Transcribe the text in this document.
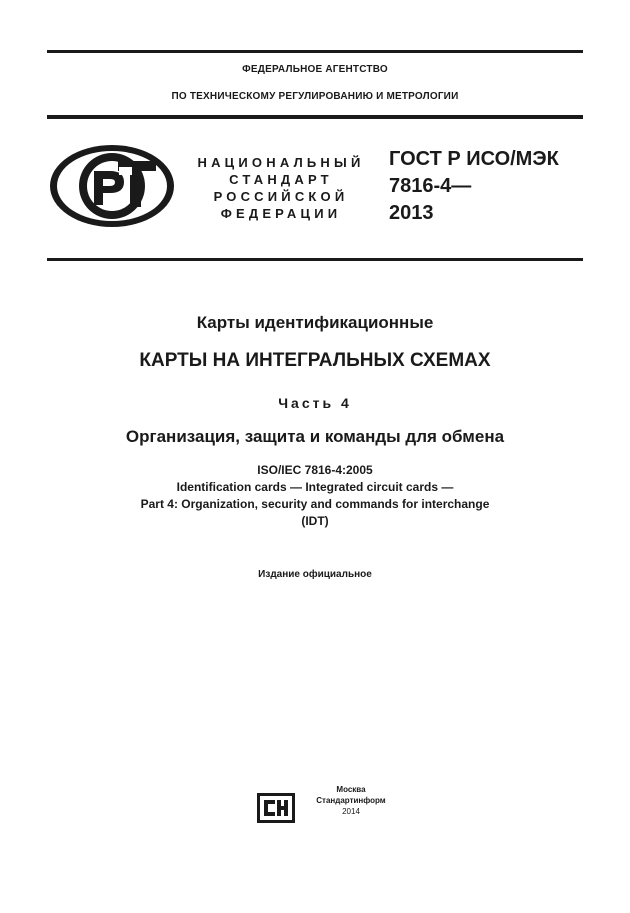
ФЕДЕРАЛЬНОЕ АГЕНТСТВО
ПО ТЕХНИЧЕСКОМУ РЕГУЛИРОВАНИЮ И МЕТРОЛОГИИ
НАЦИОНАЛЬНЫЙ
СТАНДАРТ
РОССИЙСКОЙ
ФЕДЕРАЦИИ
ГОСТ Р ИСО/МЭК
7816-4—
2013
Карты идентификационные
КАРТЫ НА ИНТЕГРАЛЬНЫХ СХЕМАХ
Часть 4
Организация, защита и команды для обмена
ISO/IEC 7816-4:2005
Identification cards — Integrated circuit cards —
Part 4: Organization, security and commands for interchange
(IDT)
Издание официальное
Москва
Стандартинформ
2014
